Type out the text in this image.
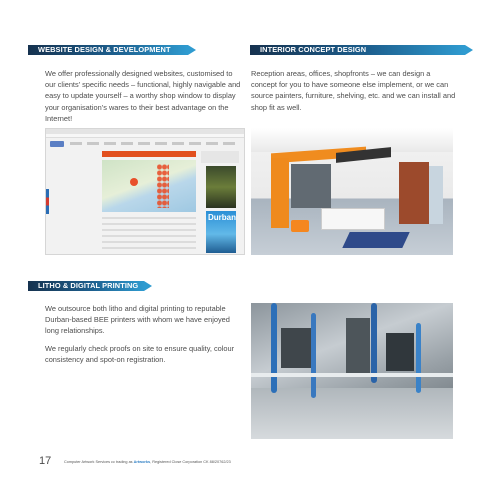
WEBSITE DESIGN & DEVELOPMENT	INTERIOR CONCEPT DESIGN

We offer professionally designed websites, customised to our clients’ specific needs – functional, highly navigable and easy to update yourself – a worthy shop window to display your organisation’s wares to their best advantage on the Internet!

Reception areas, offices, shopfronts – we can design a concept for you to have someone else implement, or we can source painters, furniture, shelving, etc. and we can install and shop fit as well.

Durban
LITHO & DIGITAL PRINTING

We outsource both litho and digital printing to reputable Durban-based BEE printers with whom we have enjoyed long relationships.

We regularly check proofs on site to ensure quality, colour consistency and spot-on registration.

17	Computer Artwork Services cc trading as Artworks, Registered Close Corporation CK 88/20762/23
